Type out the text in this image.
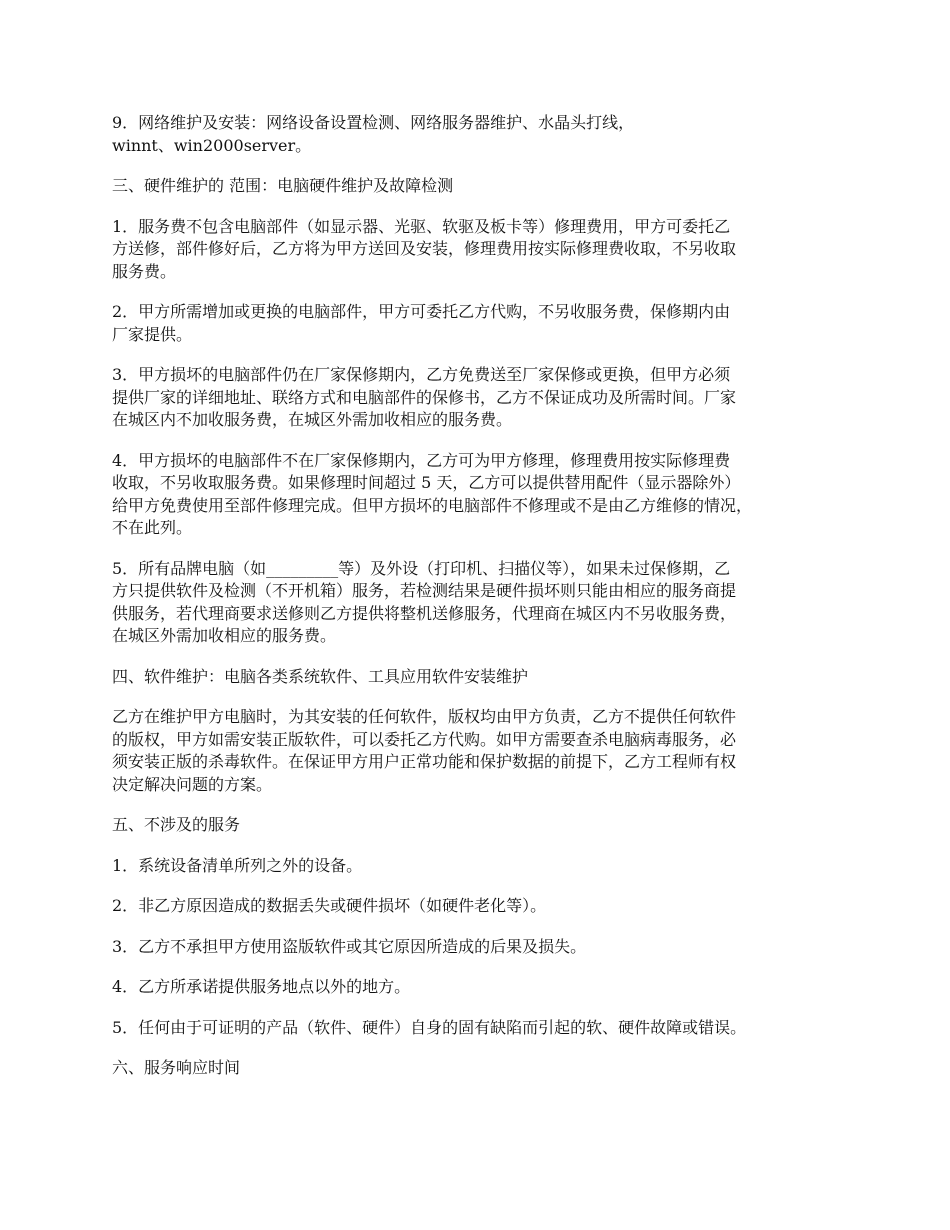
9．网络维护及安装：网络设备设置检测、网络服务器维护、水晶头打线，
winnt、win2000server。

三、硬件维护的 范围：电脑硬件维护及故障检测

1．服务费不包含电脑部件（如显示器、光驱、软驱及板卡等）修理费用，甲方可委托乙
方送修，部件修好后，乙方将为甲方送回及安装，修理费用按实际修理费收取，不另收取
服务费。

2．甲方所需增加或更换的电脑部件，甲方可委托乙方代购，不另收服务费，保修期内由
厂家提供。

3．甲方损坏的电脑部件仍在厂家保修期内，乙方免费送至厂家保修或更换，但甲方必须
提供厂家的详细地址、联络方式和电脑部件的保修书，乙方不保证成功及所需时间。厂家
在城区内不加收服务费，在城区外需加收相应的服务费。

4．甲方损坏的电脑部件不在厂家保修期内，乙方可为甲方修理，修理费用按实际修理费
收取，不另收取服务费。如果修理时间超过 5 天，乙方可以提供替用配件（显示器除外）
给甲方免费使用至部件修理完成。但甲方损坏的电脑部件不修理或不是由乙方维修的情况，
不在此列。

5．所有品牌电脑（如_________等）及外设（打印机、扫描仪等），如果未过保修期，乙
方只提供软件及检测（不开机箱）服务，若检测结果是硬件损坏则只能由相应的服务商提
供服务，若代理商要求送修则乙方提供将整机送修服务，代理商在城区内不另收服务费，
在城区外需加收相应的服务费。

四、软件维护：电脑各类系统软件、工具应用软件安装维护

乙方在维护甲方电脑时，为其安装的任何软件，版权均由甲方负责，乙方不提供任何软件
的版权，甲方如需安装正版软件，可以委托乙方代购。如甲方需要查杀电脑病毒服务，必
须安装正版的杀毒软件。在保证甲方用户正常功能和保护数据的前提下，乙方工程师有权
决定解决问题的方案。

五、不涉及的服务

1．系统设备清单所列之外的设备。

2．非乙方原因造成的数据丢失或硬件损坏（如硬件老化等）。

3．乙方不承担甲方使用盗版软件或其它原因所造成的后果及损失。

4．乙方所承诺提供服务地点以外的地方。

5．任何由于可证明的产品（软件、硬件）自身的固有缺陷而引起的软、硬件故障或错误。

六、服务响应时间
